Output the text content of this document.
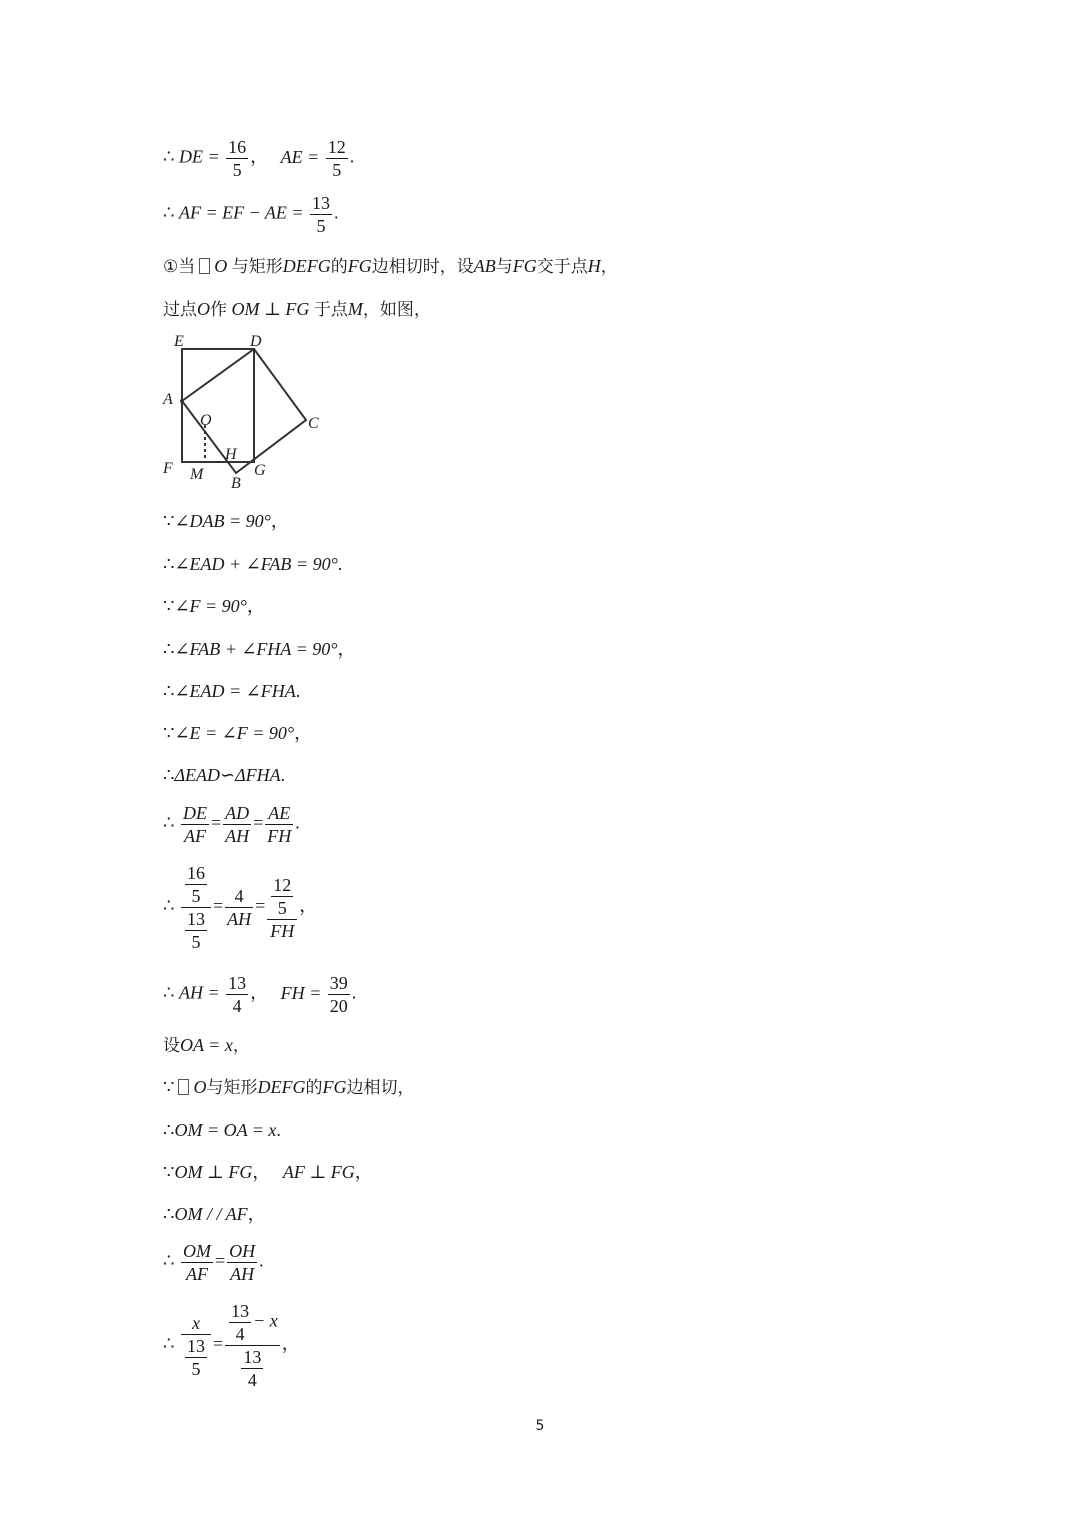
∴ DE = $\frac{16}{5}$ ， AE = $\frac{12}{5}$ .
∴ AF = EF − AE = $\frac{13}{5}$ .
①当 O 与矩形DEFG的FG边相切时，设AB与FG交于点H，
过点O作 OM ⊥ FG 于点M，如图，
E	D
A
O	C
F M
H
G
B
∵∠DAB = 90°，
∴∠EAD + ∠FAB = 90°.
∵∠F = 90°，
∴∠FAB + ∠FHA = 90°，
∴∠EAD = ∠FHA.
∵∠E = ∠F = 90°，
∴ΔEAD∽ΔFHA.
∴ $\frac{DE}{AF} = \frac{AD}{AH} = \frac{AE}{FH}$ .
∴ $\frac{\frac{16}{5}}{\frac{13}{5}} = \frac{4}{AH} = \frac{\frac{12}{5}}{FH}$ ，
∴ AH = $\frac{13}{4}$ ， FH = $\frac{39}{20}$ .
设OA = x，
∵ O与矩形DEFG的FG边相切，
∴OM = OA = x.
∵OM ⊥ FG， AF ⊥ FG，
∴OM / / AF，
∴ $\frac{OM}{AF} = \frac{OH}{AH}$ .
∴ $\frac{x}{\frac{13}{5}} = \frac{\frac{13}{4} - x}{\frac{13}{4}}$ ，
5
